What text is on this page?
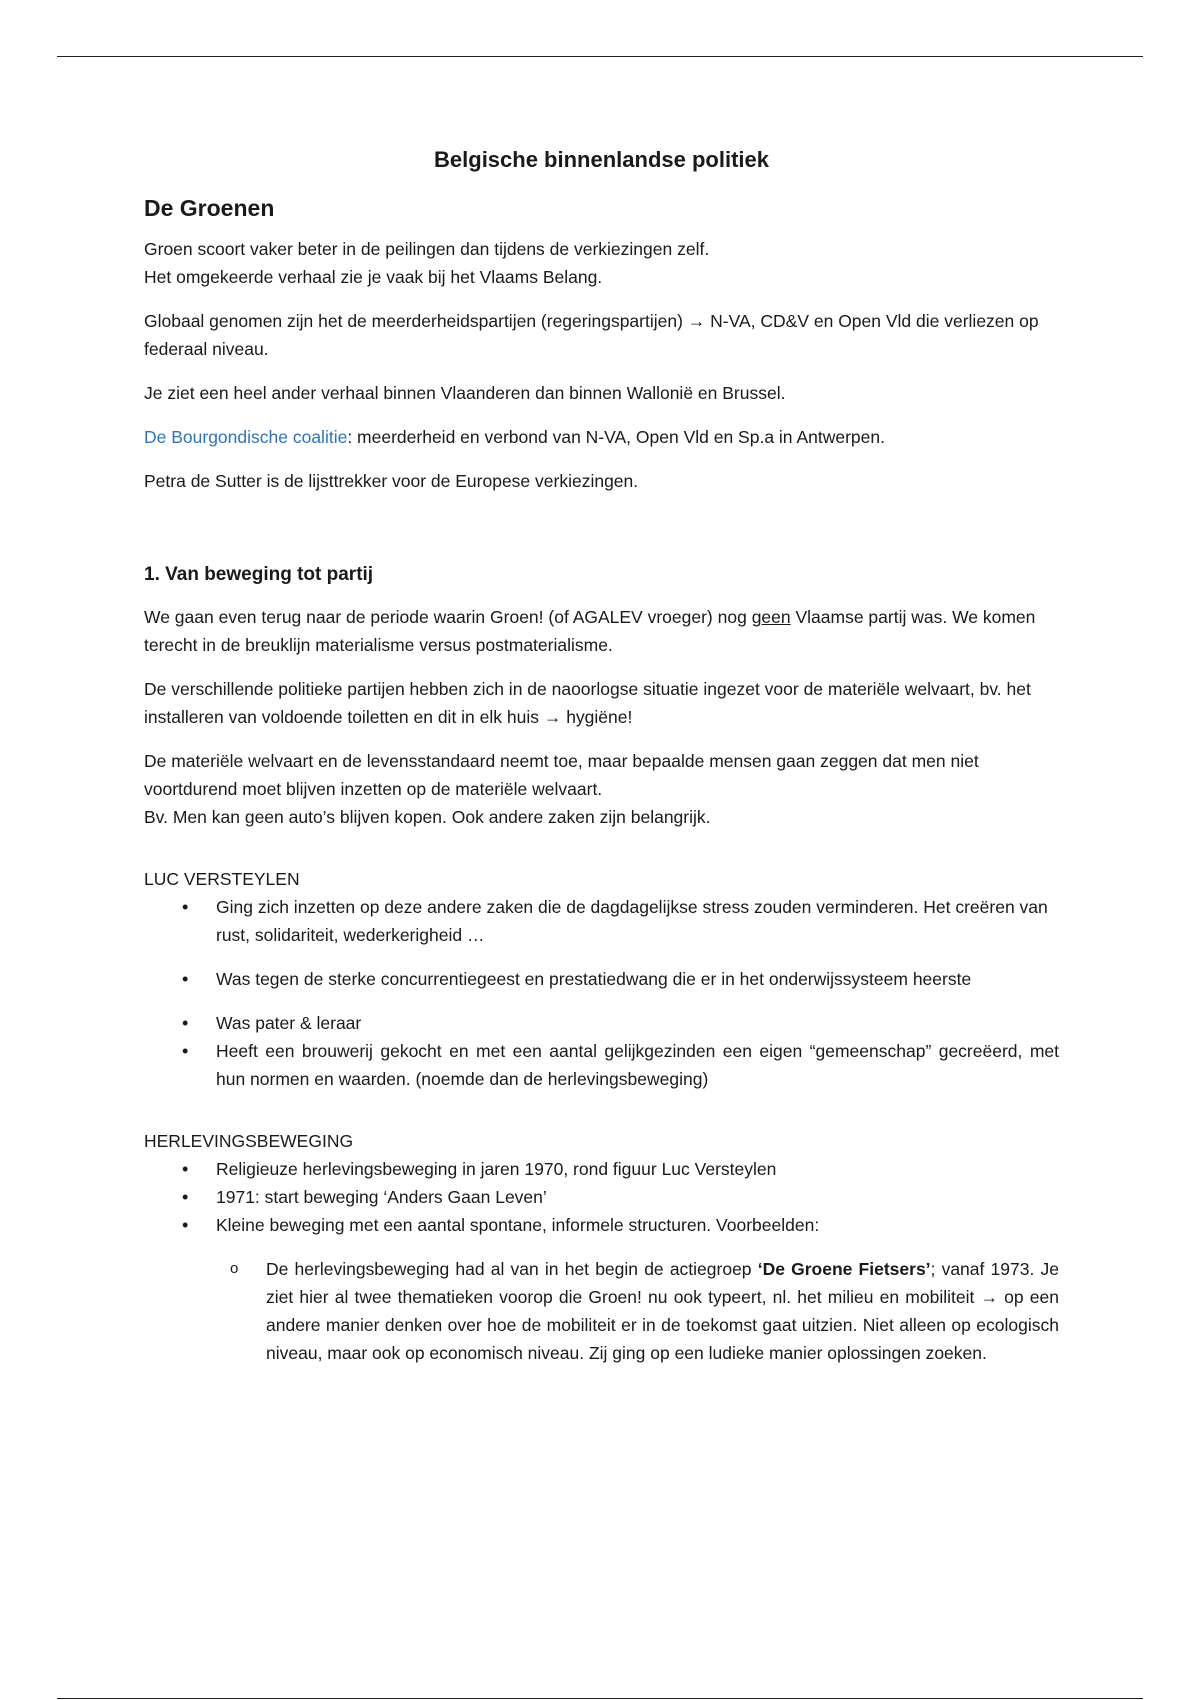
Belgische binnenlandse politiek
De Groenen

Groen scoort vaker beter in de peilingen dan tijdens de verkiezingen zelf.
Het omgekeerde verhaal zie je vaak bij het Vlaams Belang.

Globaal genomen zijn het de meerderheidspartijen (regeringspartijen) → N-VA, CD&V en Open Vld die verliezen op federaal niveau.

Je ziet een heel ander verhaal binnen Vlaanderen dan binnen Wallonië en Brussel.

De Bourgondische coalitie: meerderheid en verbond van N-VA, Open Vld en Sp.a in Antwerpen.

Petra de Sutter is de lijsttrekker voor de Europese verkiezingen.

1. Van beweging tot partij

We gaan even terug naar de periode waarin Groen! (of AGALEV vroeger) nog geen Vlaamse partij was. We komen terecht in de breuklijn materialisme versus postmaterialisme.

De verschillende politieke partijen hebben zich in de naoorlogse situatie ingezet voor de materiële welvaart, bv. het installeren van voldoende toiletten en dit in elk huis → hygiëne!

De materiële welvaart en de levensstandaard neemt toe, maar bepaalde mensen gaan zeggen dat men niet voortdurend moet blijven inzetten op de materiële welvaart.
Bv. Men kan geen auto’s blijven kopen. Ook andere zaken zijn belangrijk.

LUC VERSTEYLEN
• Ging zich inzetten op deze andere zaken die de dagdagelijkse stress zouden verminderen. Het creëren van rust, solidariteit, wederkerigheid …
• Was tegen de sterke concurrentiegeest en prestatiedwang die er in het onderwijssysteem heerste
• Was pater & leraar
• Heeft een brouwerij gekocht en met een aantal gelijkgezinden een eigen “gemeenschap” gecreëerd, met hun normen en waarden. (noemde dan de herlevingsbeweging)
HERLEVINGSBEWEGING
• Religieuze herlevingsbeweging in jaren 1970, rond figuur Luc Versteylen
• 1971: start beweging ‘Anders Gaan Leven’
• Kleine beweging met een aantal spontane, informele structuren. Voorbeelden:
o De herlevingsbeweging had al van in het begin de actiegroep ‘De Groene Fietsers’; vanaf 1973. Je ziet hier al twee thematieken voorop die Groen! nu ook typeert, nl. het milieu en mobiliteit → op een andere manier denken over hoe de mobiliteit er in de toekomst gaat uitzien. Niet alleen op ecologisch niveau, maar ook op economisch niveau. Zij ging op een ludieke manier oplossingen zoeken.
